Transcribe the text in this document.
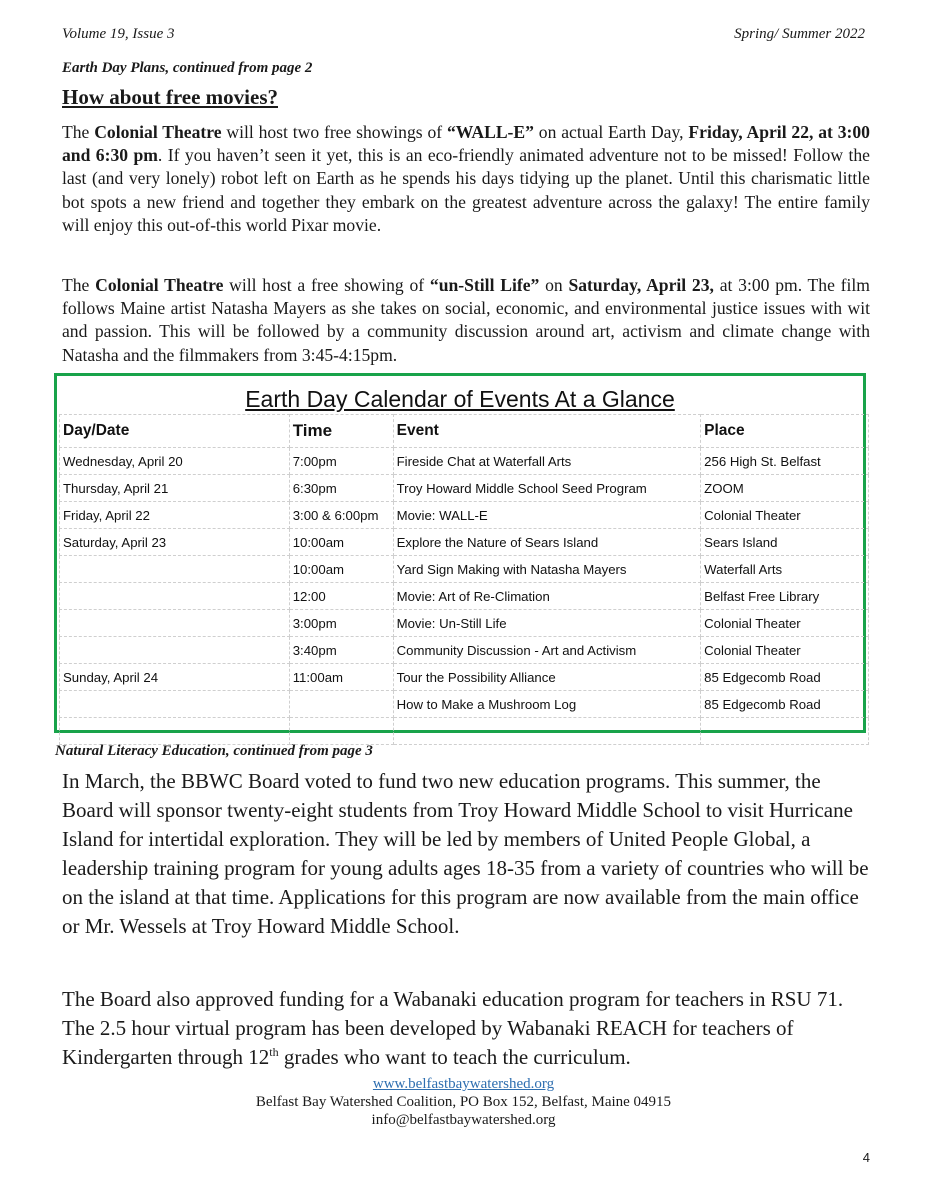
Volume 19, Issue 3	Spring/ Summer 2022
Earth Day Plans, continued from page 2
How about free movies?
The Colonial Theatre will host two free showings of “WALL-E” on actual Earth Day, Friday, April 22, at 3:00 and 6:30 pm. If you haven’t seen it yet, this is an eco-friendly animated adventure not to be missed! Follow the last (and very lonely) robot left on Earth as he spends his days tidying up the planet. Until this charismatic little bot spots a new friend and together they embark on the greatest adventure across the galaxy! The entire family will enjoy this out-of-this world Pixar movie.
The Colonial Theatre will host a free showing of “un-Still Life” on Saturday, April 23, at 3:00 pm. The film follows Maine artist Natasha Mayers as she takes on social, economic, and environmental justice issues with wit and passion. This will be followed by a community discussion around art, activism and climate change with Natasha and the filmmakers from 3:45-4:15pm.
Earth Day Calendar of Events At a Glance
Day/Date	Time	Event	Place
Wednesday, April 20	7:00pm	Fireside Chat at Waterfall Arts	256 High St. Belfast
Thursday, April 21	6:30pm	Troy Howard Middle School Seed Program	ZOOM
Friday, April 22	3:00 & 6:00pm	Movie: WALL-E	Colonial Theater
Saturday, April 23	10:00am	Explore the Nature of Sears Island	Sears Island
	10:00am	Yard Sign Making with Natasha Mayers	Waterfall Arts
	12:00	Movie: Art of Re-Climation	Belfast Free Library
	3:00pm	Movie: Un-Still Life	Colonial Theater
	3:40pm	Community Discussion - Art and Activism	Colonial Theater
Sunday, April 24	11:00am	Tour the Possibility Alliance	85 Edgecomb Road
		How to Make a Mushroom Log	85 Edgecomb Road

Natural Literacy Education, continued from page 3
In March, the BBWC Board voted to fund two new education programs. This summer, the Board will sponsor twenty-eight students from Troy Howard Middle School to visit Hurricane Island for intertidal exploration. They will be led by members of United People Global, a leadership training program for young adults ages 18-35 from a variety of countries who will be on the island at that time. Applications for this program are now available from the main office or Mr. Wessels at Troy Howard Middle School.
The Board also approved funding for a Wabanaki education program for teachers in RSU 71. The 2.5 hour virtual program has been developed by Wabanaki REACH for teachers of Kindergarten through 12th grades who want to teach the curriculum.
www.belfastbaywatershed.org
Belfast Bay Watershed Coalition, PO Box 152, Belfast, Maine 04915
info@belfastbaywatershed.org
4
